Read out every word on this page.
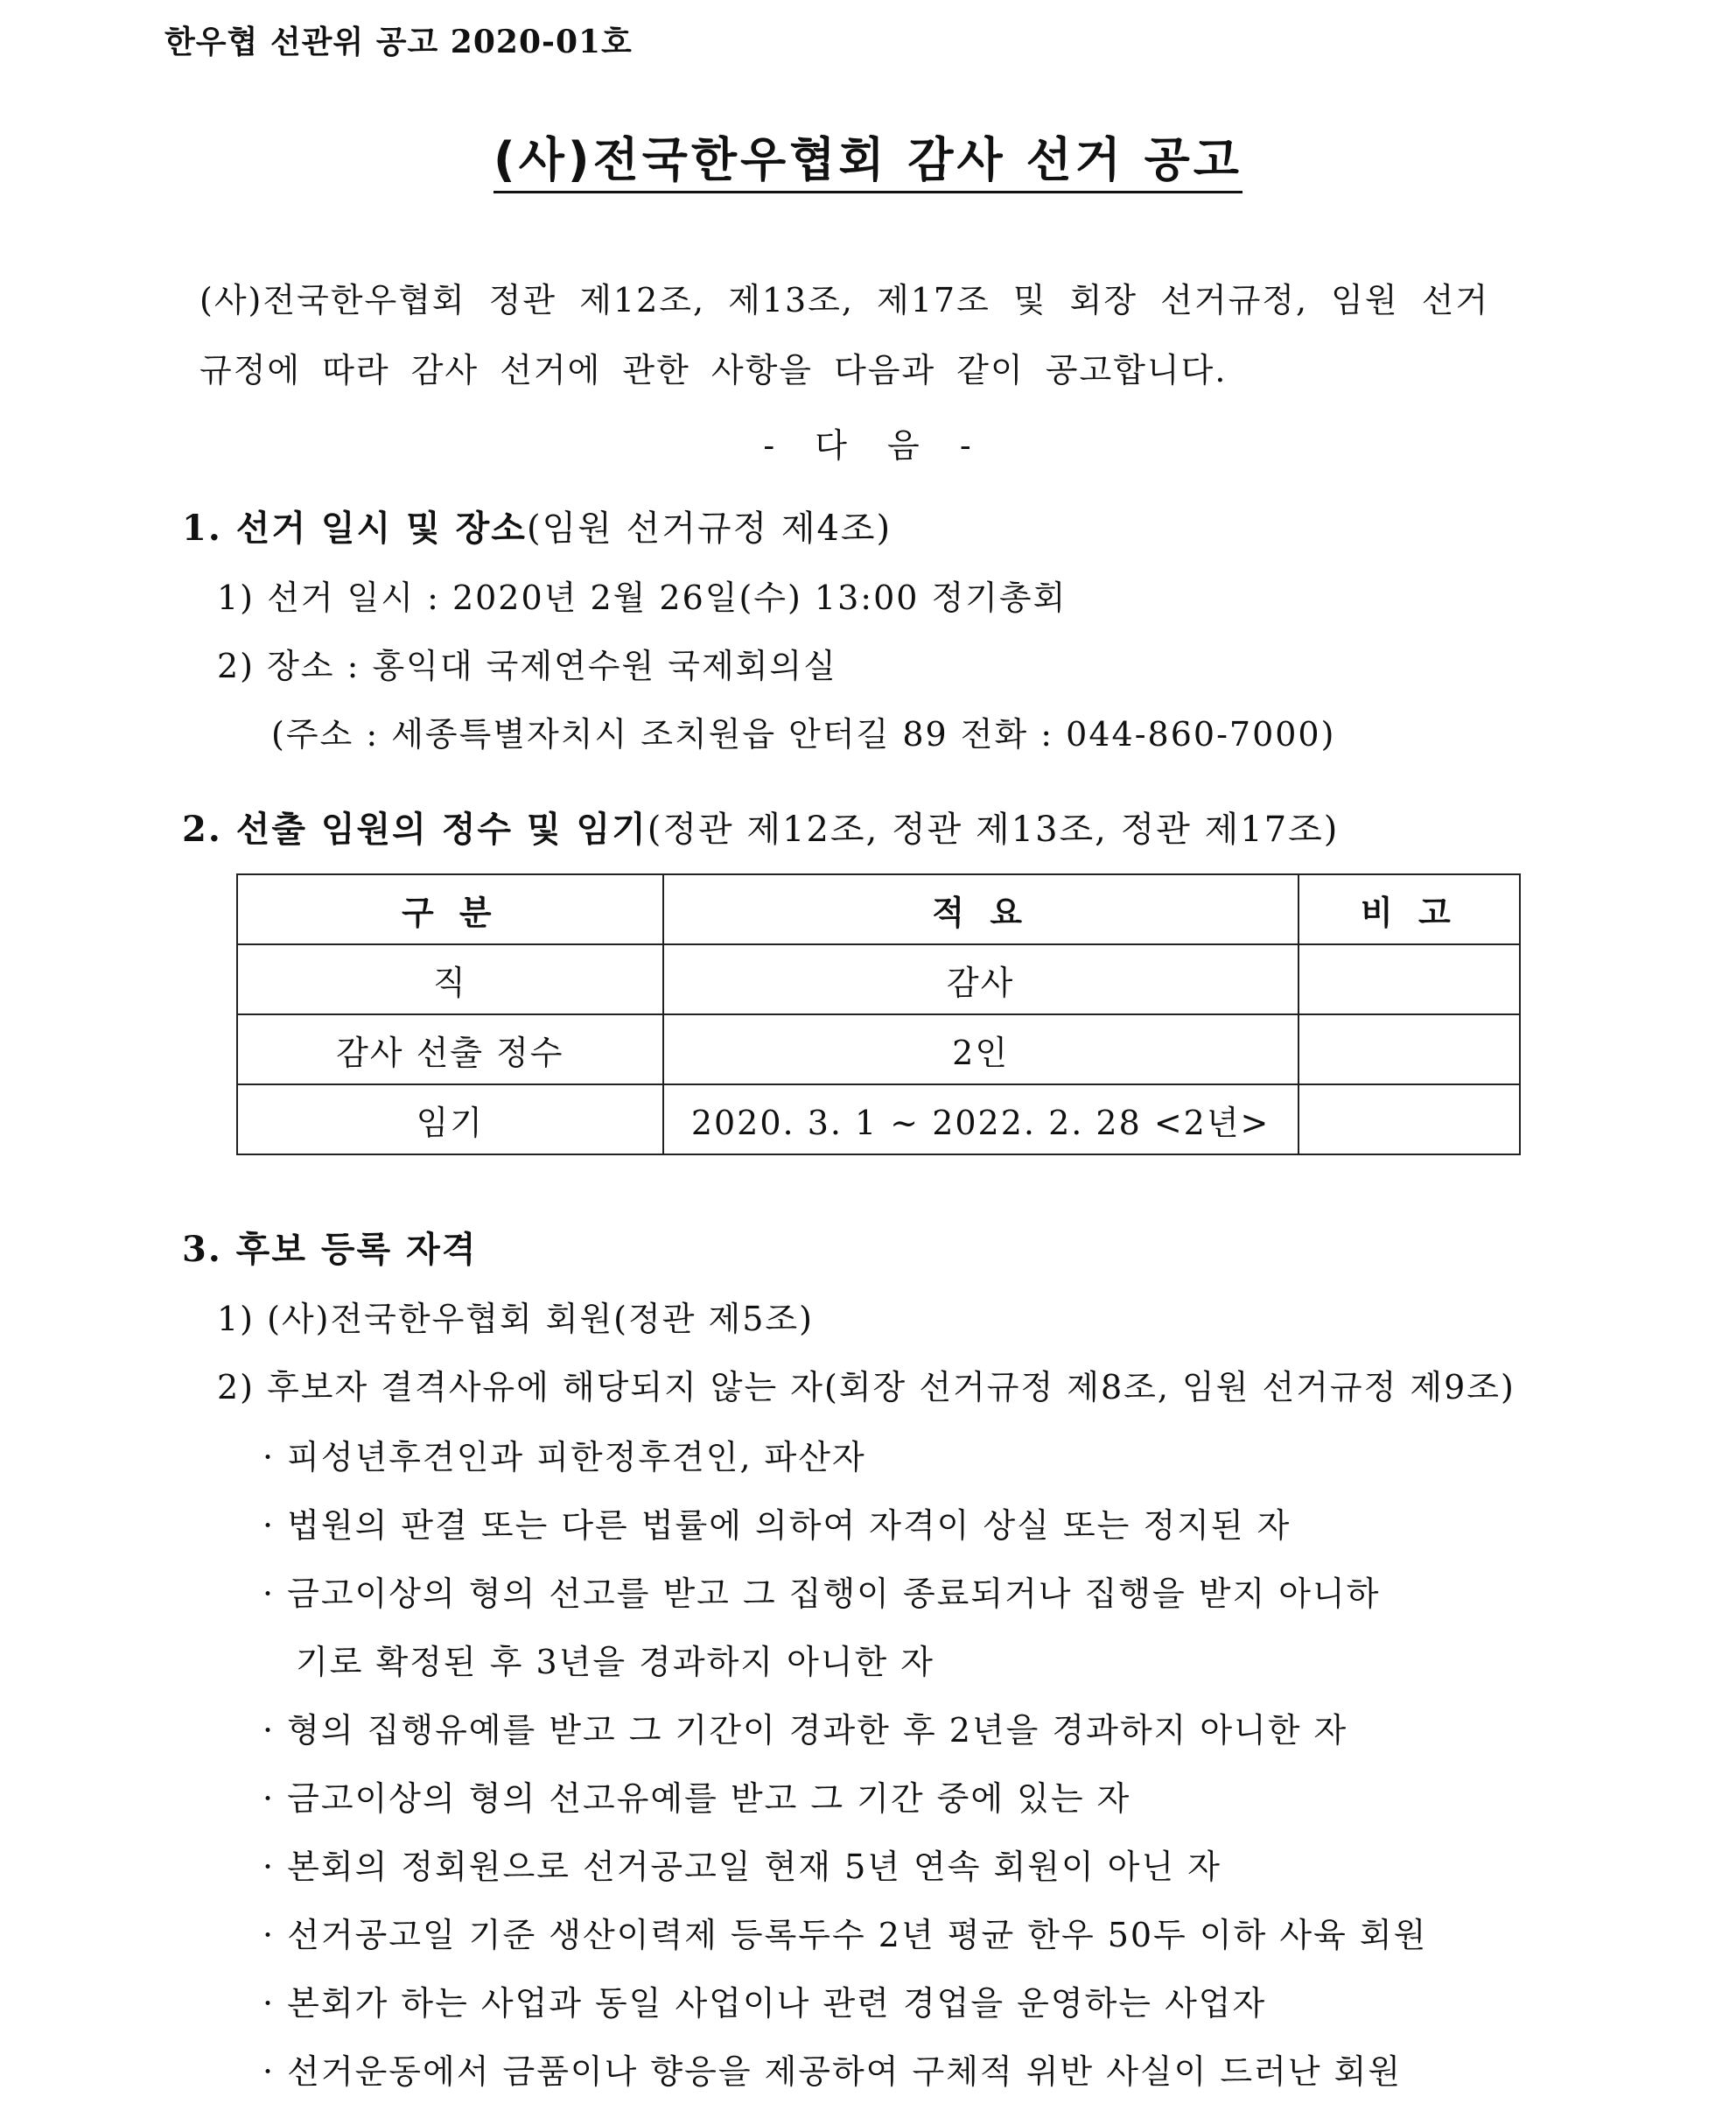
한우협 선관위 공고 2020-01호
(사)전국한우협회 감사 선거 공고
(사)전국한우협회 정관 제12조, 제13조, 제17조 및 회장 선거규정, 임원 선거
규정에 따라 감사 선거에 관한 사항을 다음과 같이 공고합니다.
- 다 음 -
1. 선거 일시 및 장소(임원 선거규정 제4조)
1) 선거 일시 : 2020년 2월 26일(수) 13:00 정기총회
2) 장소 : 홍익대 국제연수원 국제회의실
(주소 : 세종특별자치시 조치원읍 안터길 89 전화 : 044-860-7000)
2. 선출 임원의 정수 및 임기(정관 제12조, 정관 제13조, 정관 제17조)
구 분	적 요	비 고
직	감사	
감사 선출 정수	2인	
임기	2020. 3. 1 ~ 2022. 2. 28 <2년>	
3. 후보 등록 자격
1) (사)전국한우협회 회원(정관 제5조)
2) 후보자 결격사유에 해당되지 않는 자(회장 선거규정 제8조, 임원 선거규정 제9조)
· 피성년후견인과 피한정후견인, 파산자
· 법원의 판결 또는 다른 법률에 의하여 자격이 상실 또는 정지된 자
· 금고이상의 형의 선고를 받고 그 집행이 종료되거나 집행을 받지 아니하
기로 확정된 후 3년을 경과하지 아니한 자
· 형의 집행유예를 받고 그 기간이 경과한 후 2년을 경과하지 아니한 자
· 금고이상의 형의 선고유예를 받고 그 기간 중에 있는 자
· 본회의 정회원으로 선거공고일 현재 5년 연속 회원이 아닌 자
· 선거공고일 기준 생산이력제 등록두수 2년 평균 한우 50두 이하 사육 회원
· 본회가 하는 사업과 동일 사업이나 관련 경업을 운영하는 사업자
· 선거운동에서 금품이나 향응을 제공하여 구체적 위반 사실이 드러난 회원
